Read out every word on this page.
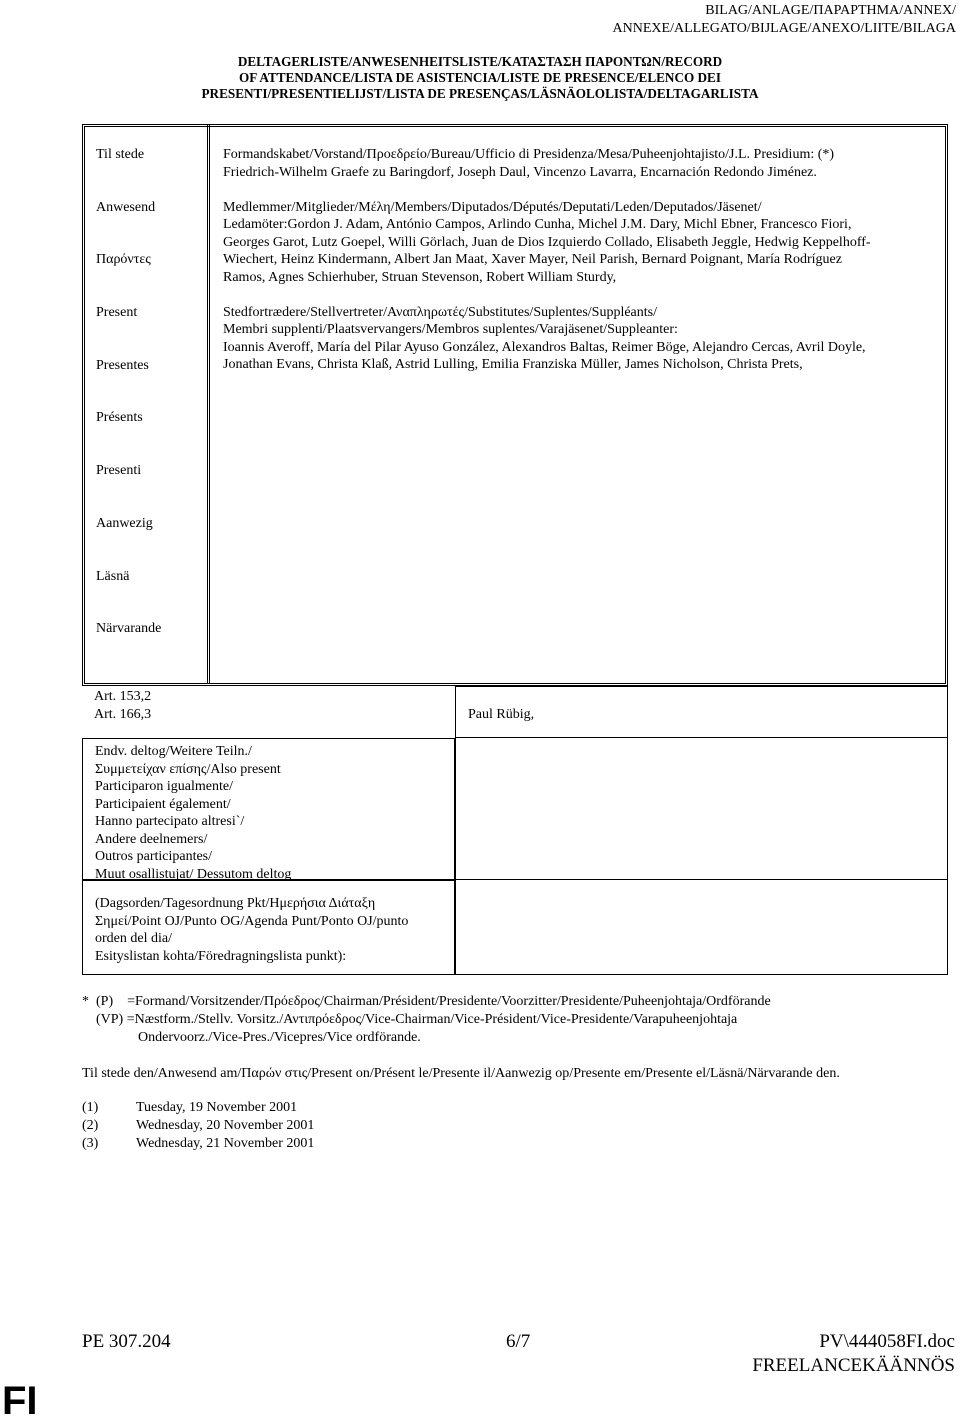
BILAG/ANLAGE/ΠΑΡΑΡΤΗΜΑ/ANNEX/
ANNEXE/ALLEGATO/BIJLAGE/ANEXO/LIITE/BILAGA
DELTAGERLISTE/ANWESENHEITSLISTE/ΚΑΤΑΣΤΑΣΗ ΠΑΡΟΝΤΩΝ/RECORD
OF ATTENDANCE/LISTA DE ASISTENCIA/LISTE DE PRESENCE/ELENCO DEI
PRESENTI/PRESENTIELIJST/LISTA DE PRESENÇAS/LÄSNÄOLOLISTA/DELTAGARLISTA
Til stede
Anwesend
Παρόντες
Present
Presentes
Présents
Presenti
Aanwezig
Läsnä
Närvarande

Formandskabet/Vorstand/Προεδρείο/Bureau/Ufficio di Presidenza/Mesa/Puheenjohtajisto/J.L. Presidium: (*)
Friedrich-Wilhelm Graefe zu Baringdorf, Joseph Daul, Vincenzo Lavarra, Encarnación Redondo Jiménez.

Medlemmer/Mitglieder/Μέλη/Members/Diputados/Députés/Deputati/Leden/Deputados/Jäsenet/
Ledamöter:Gordon J. Adam, António Campos, Arlindo Cunha, Michel J.M. Dary, Michl Ebner, Francesco Fiori,
Georges Garot, Lutz Goepel, Willi Görlach, Juan de Dios Izquierdo Collado, Elisabeth Jeggle, Hedwig Keppelhoff-
Wiechert, Heinz Kindermann, Albert Jan Maat, Xaver Mayer, Neil Parish, Bernard Poignant, María Rodríguez
Ramos, Agnes Schierhuber, Struan Stevenson, Robert William Sturdy,

Stedfortrædere/Stellvertreter/Αναπληρωτές/Substitutes/Suplentes/Suppléants/
Membri supplenti/Plaatsvervangers/Membros suplentes/Varajäsenet/Suppleanter:
Ioannis Averoff, María del Pilar Ayuso González, Alexandros Baltas, Reimer Böge, Alejandro Cercas, Avril Doyle,
Jonathan Evans, Christa Klaß, Astrid Lulling, Emilia Franziska Müller, James Nicholson, Christa Prets,

Art. 153,2
Art. 166,3	Paul Rübig,
Endv. deltog/Weitere Teiln./
Συμμετείχαν επίσης/Also present
Participaron igualmente/
Participaient également/
Hanno partecipato altresi`/
Andere deelnemers/
Outros participantes/
Muut osallistujat/ Dessutom deltog
(Dagsorden/Tagesordnung Pkt/Ημερήσια Διάταξη
Σημεί/Point OJ/Punto OG/Agenda Punt/Ponto OJ/punto
orden del dia/
Esityslistan kohta/Föredragningslista punkt):
*  (P)    =Formand/Vorsitzender/Πρόεδρος/Chairman/Président/Presidente/Voorzitter/Presidente/Puheenjohtaja/Ordförande
(VP) =Næstform./Stellv. Vorsitz./Αντιπρόεδρος/Vice-Chairman/Vice-Président/Vice-Presidente/Varapuheenjohtaja
Ondervoorz./Vice-Pres./Vicepres/Vice ordförande.
Til stede den/Anwesend am/Παρών στις/Present on/Présent le/Presente il/Aanwezig op/Presente em/Presente el/Läsnä/Närvarande den.
(1)	Tuesday, 19 November 2001
(2)	Wednesday, 20 November 2001
(3)	Wednesday, 21 November 2001
PE 307.204	6/7	PV\444058FI.doc
FREELANCEKÄÄNNÖS
FI
